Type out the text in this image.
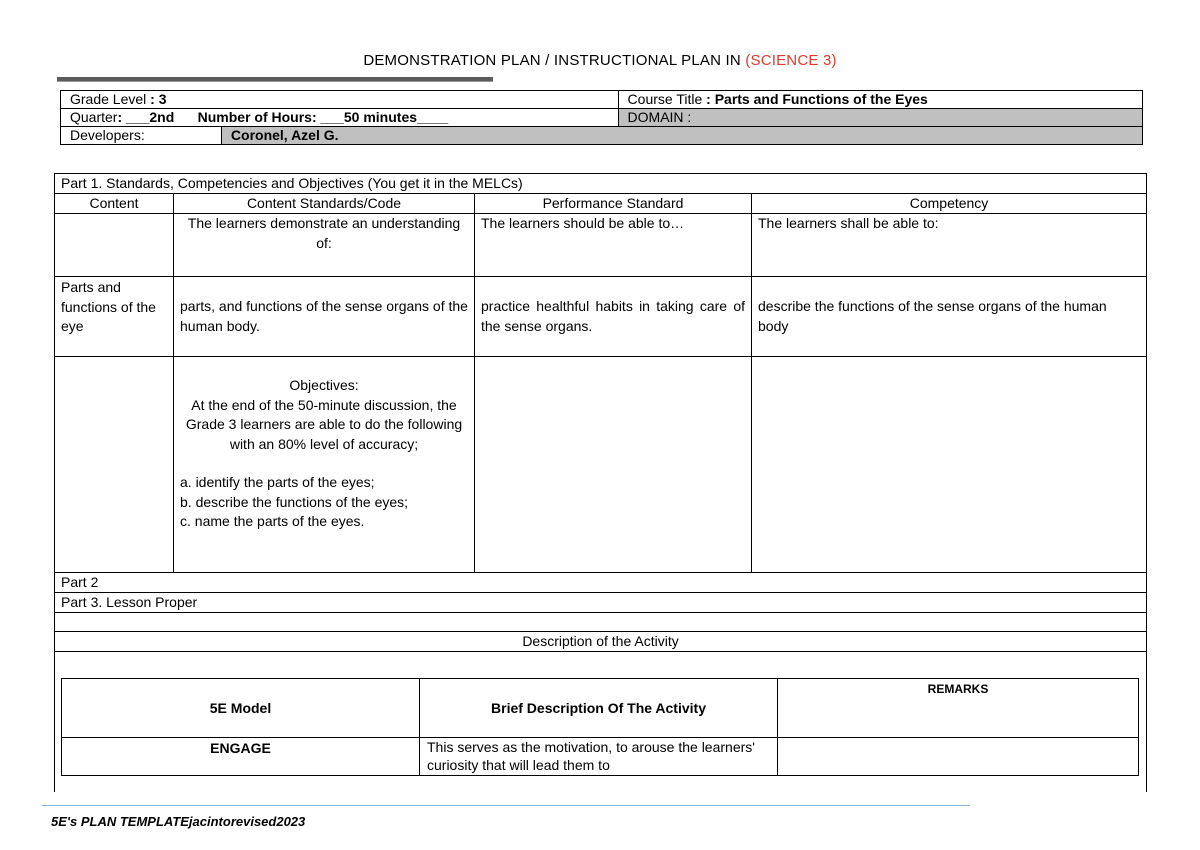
DEMONSTRATION PLAN / INSTRUCTIONAL PLAN IN (SCIENCE 3)
Grade Level : 3		Course Title : Parts and Functions of the Eyes
Quarter: ___2nd Number of Hours: ___50 minutes____		DOMAIN :
Developers:	Coronel, Azel G.	
Part 1. Standards, Competencies and Objectives (You get it in the MELCs)			
Content	Content Standards/Code	Performance Standard	Competency
	The learners demonstrate an understanding of:	The learners should be able to…	The learners shall be able to:
Parts and functions of the eye	parts, and functions of the sense organs of the human body.	practice healthful habits in taking care of the sense organs.	describe the functions of the sense organs of the human body

	Objectives:
At the end of the 50-minute discussion, the Grade 3 learners are able to do the following with an 80% level of accuracy;
a. identify the parts of the eyes;
b. describe the functions of the eyes;
c. name the parts of the eyes.		

Part 2			
Part 3. Lesson Proper			

Description of the Activity			

5E Model	Brief Description Of The Activity	REMARKS
ENGAGE	This serves as the motivation, to arouse the learners' curiosity that will lead them to	
5E's PLAN TEMPLATEjacintorevised2023
